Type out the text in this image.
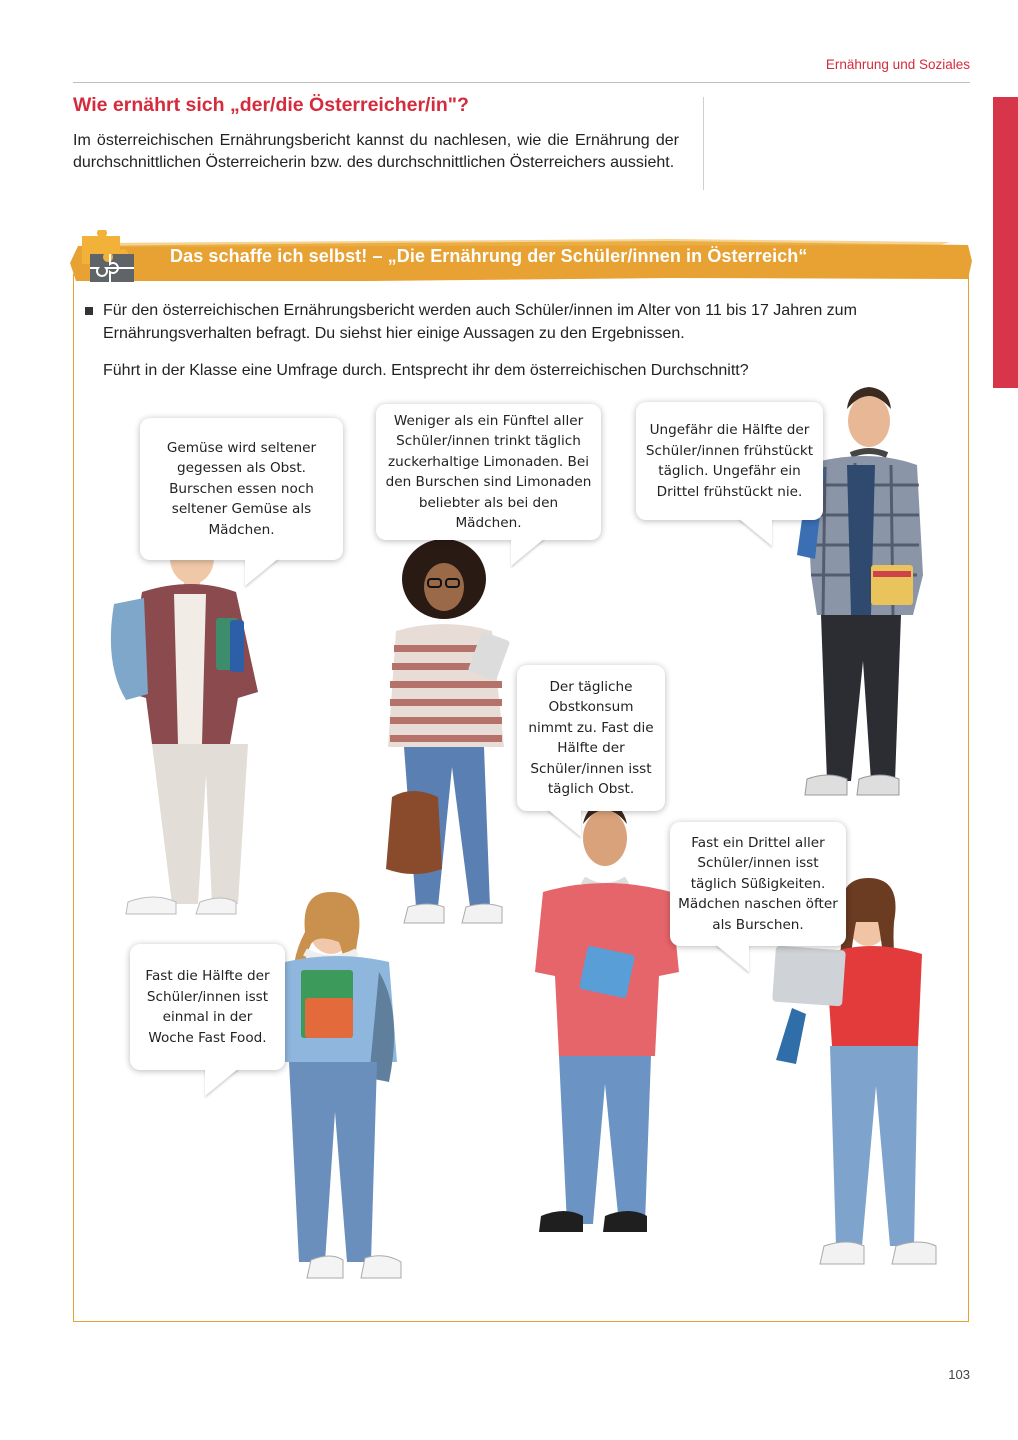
Ernährung und Soziales
Wie ernährt sich „der/die Österreicher/in"?

Im österreichischen Ernährungsbericht kannst du nachlesen, wie die Ernährung der durchschnittlichen Österreicherin bzw. des durchschnittlichen Österreichers aussieht.

Das schaffe ich selbst! – „Die Ernährung der Schüler/innen in Österreich“

Für den österreichischen Ernährungsbericht werden auch Schüler/innen im Alter von 11 bis 17 Jahren zum Ernährungsverhalten befragt. Du siehst hier einige Aussagen zu den Ergebnissen.

Führt in der Klasse eine Umfrage durch. Entsprecht ihr dem österreichischen Durchschnitt?

Gemüse wird seltener gegessen als Obst. Burschen essen noch seltener Gemüse als Mädchen.
Weniger als ein Fünftel aller Schüler/innen trinkt täglich zuckerhaltige Limonaden. Bei den Burschen sind Limonaden beliebter als bei den Mädchen.
Ungefähr die Hälfte der Schüler/innen frühstückt täglich. Ungefähr ein Drittel frühstückt nie.
Der tägliche Obstkonsum nimmt zu. Fast die Hälfte der Schüler/innen isst täglich Obst.
Fast ein Drittel aller Schüler/innen isst täglich Süßigkeiten. Mädchen naschen öfter als Burschen.
Fast die Hälfte der Schüler/innen isst einmal in der Woche Fast Food.
103
